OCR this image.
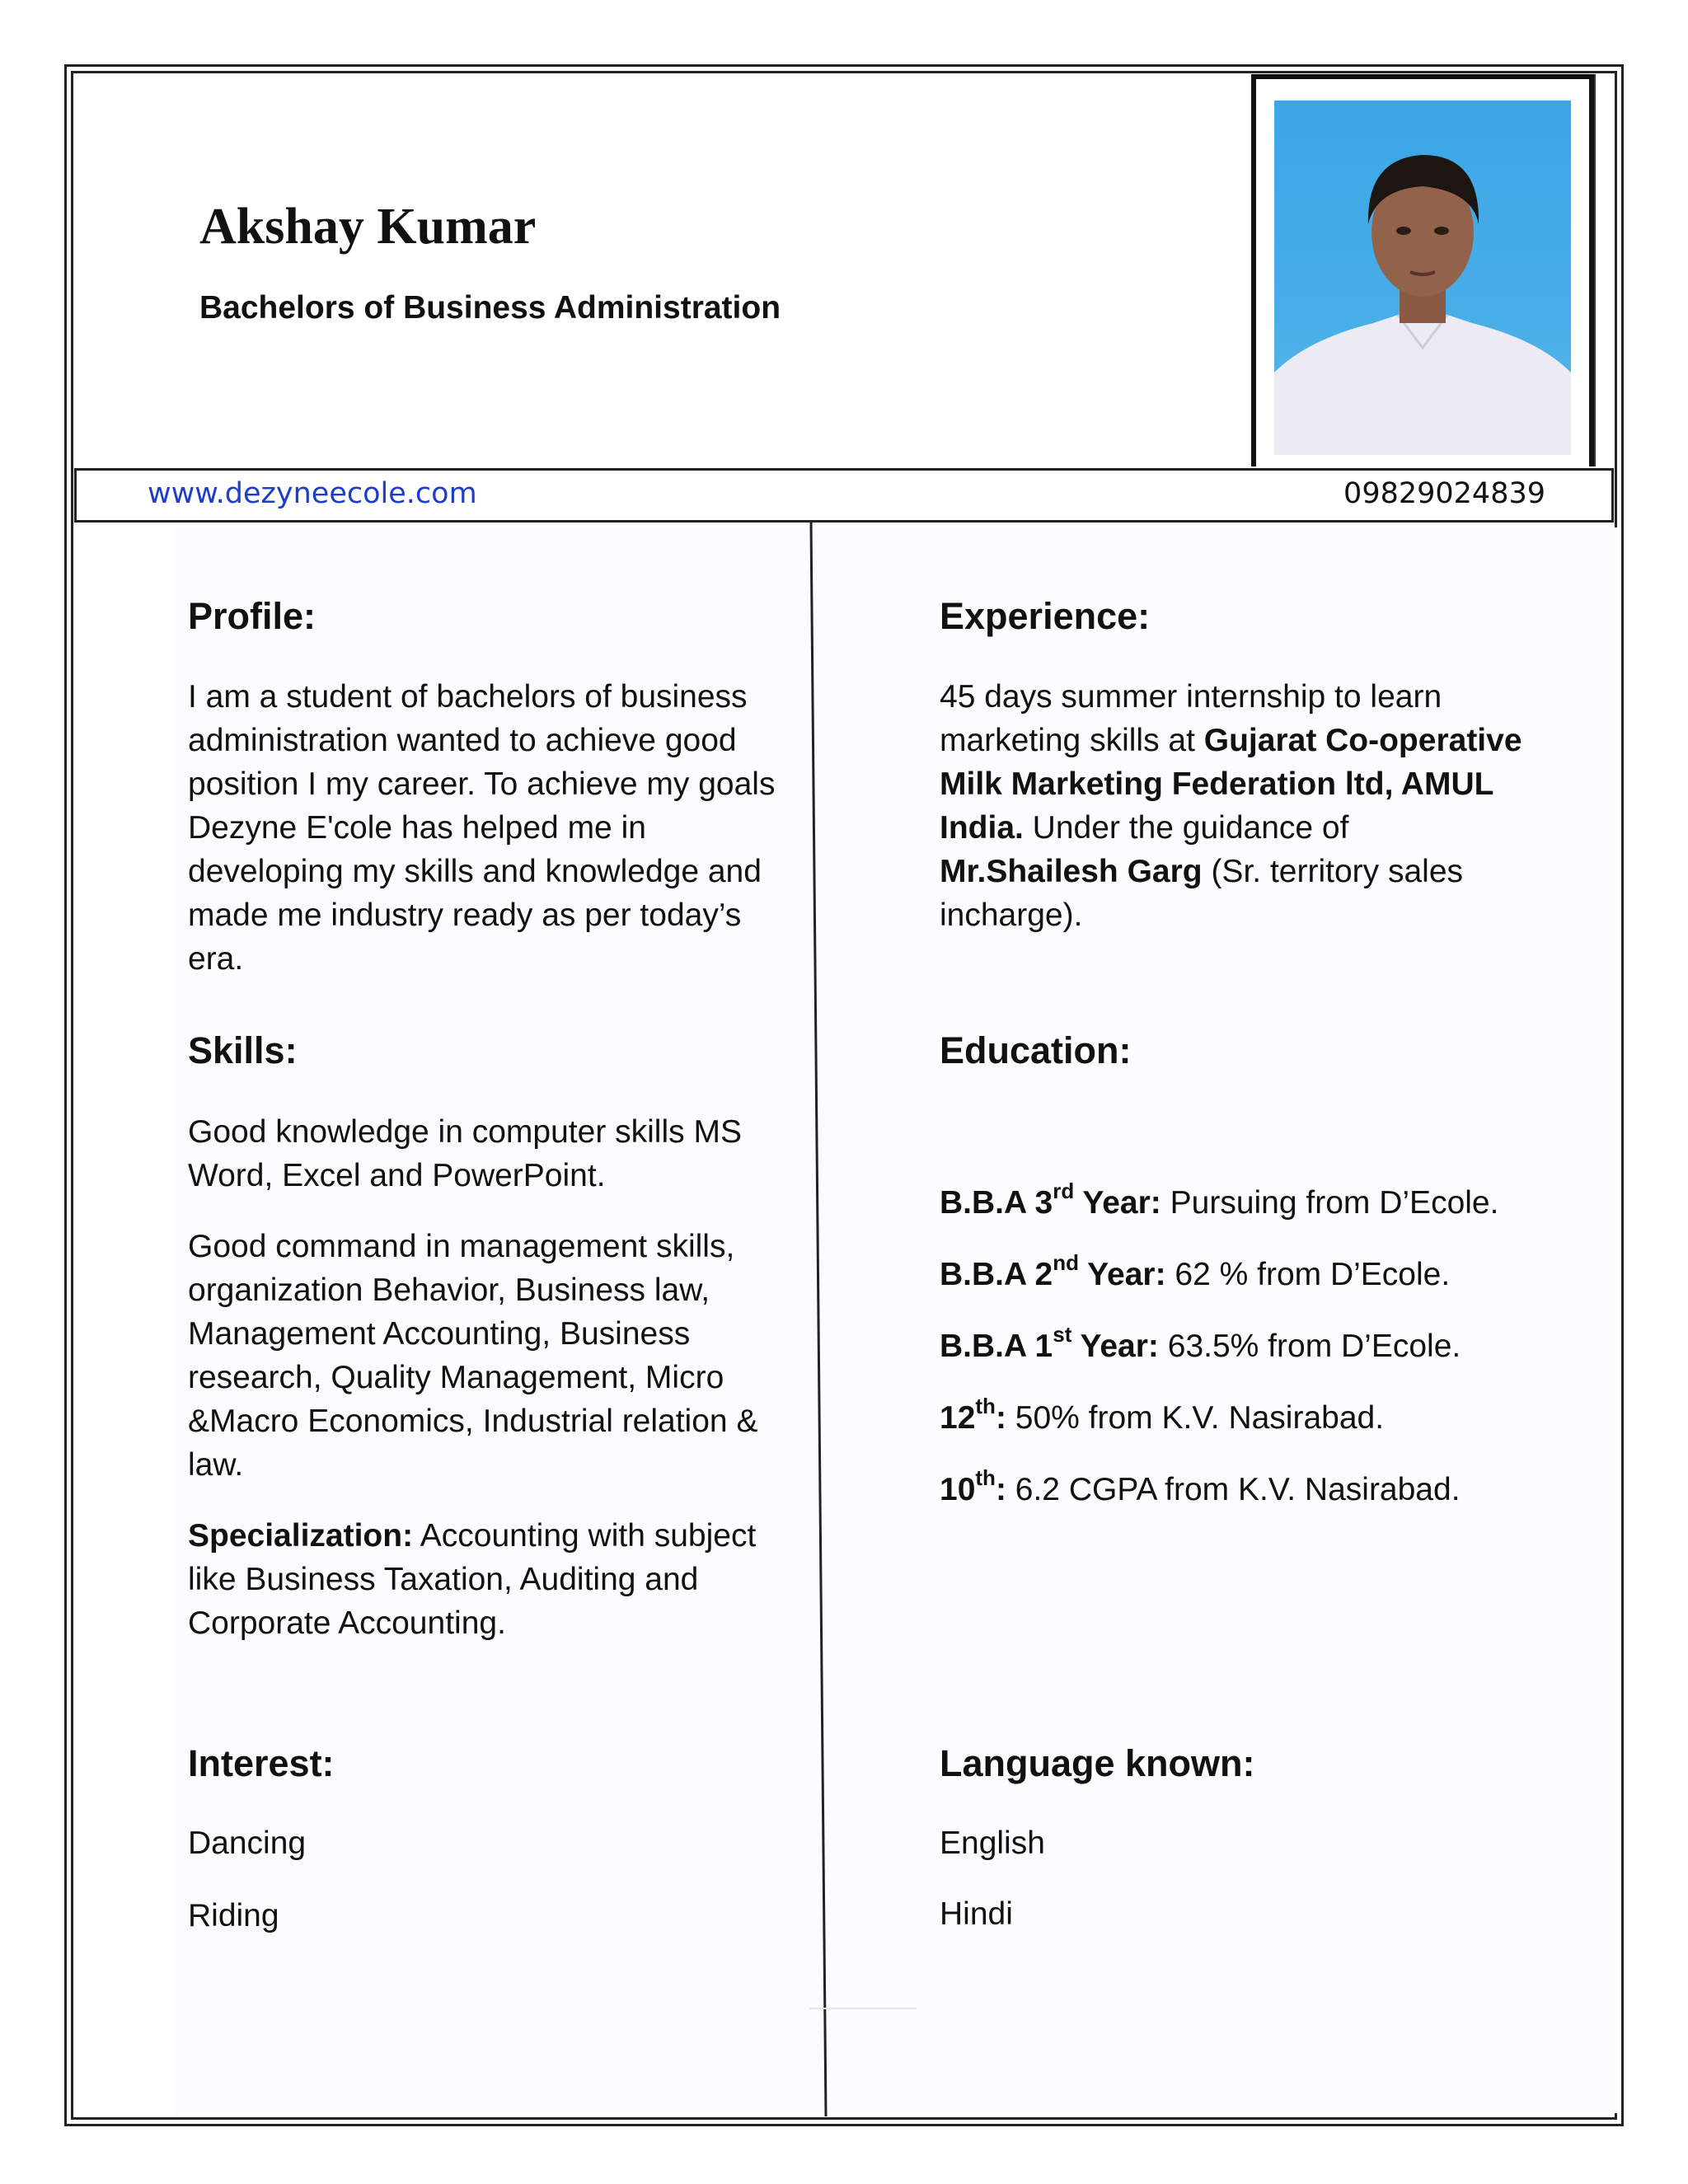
Akshay Kumar
Bachelors of Business Administration
www.dezyneecole.com	09829024839
Profile:

I am a student of bachelors of business administration wanted to achieve good position I my career. To achieve my goals Dezyne E'cole has helped me in developing my skills and knowledge and made me industry ready as per today’s era.

Skills:

Good knowledge in computer skills MS Word, Excel and PowerPoint.

Good command in management skills, organization Behavior, Business law, Management Accounting, Business research, Quality Management, Micro &Macro Economics, Industrial relation & law.

Specialization: Accounting with subject like Business Taxation, Auditing and Corporate Accounting.

Interest:
Dancing
Riding
Experience:

45 days summer internship to learn marketing skills at Gujarat Co-operative Milk Marketing Federation ltd, AMUL India. Under the guidance of Mr.Shailesh Garg (Sr. territory sales incharge).

Education:
B.B.A 3rd Year: Pursuing from D’Ecole.
B.B.A 2nd Year: 62 % from D’Ecole.
B.B.A 1st Year: 63.5% from D’Ecole.
12th: 50% from K.V. Nasirabad.
10th: 6.2 CGPA from K.V. Nasirabad.
Language known:
English
Hindi
